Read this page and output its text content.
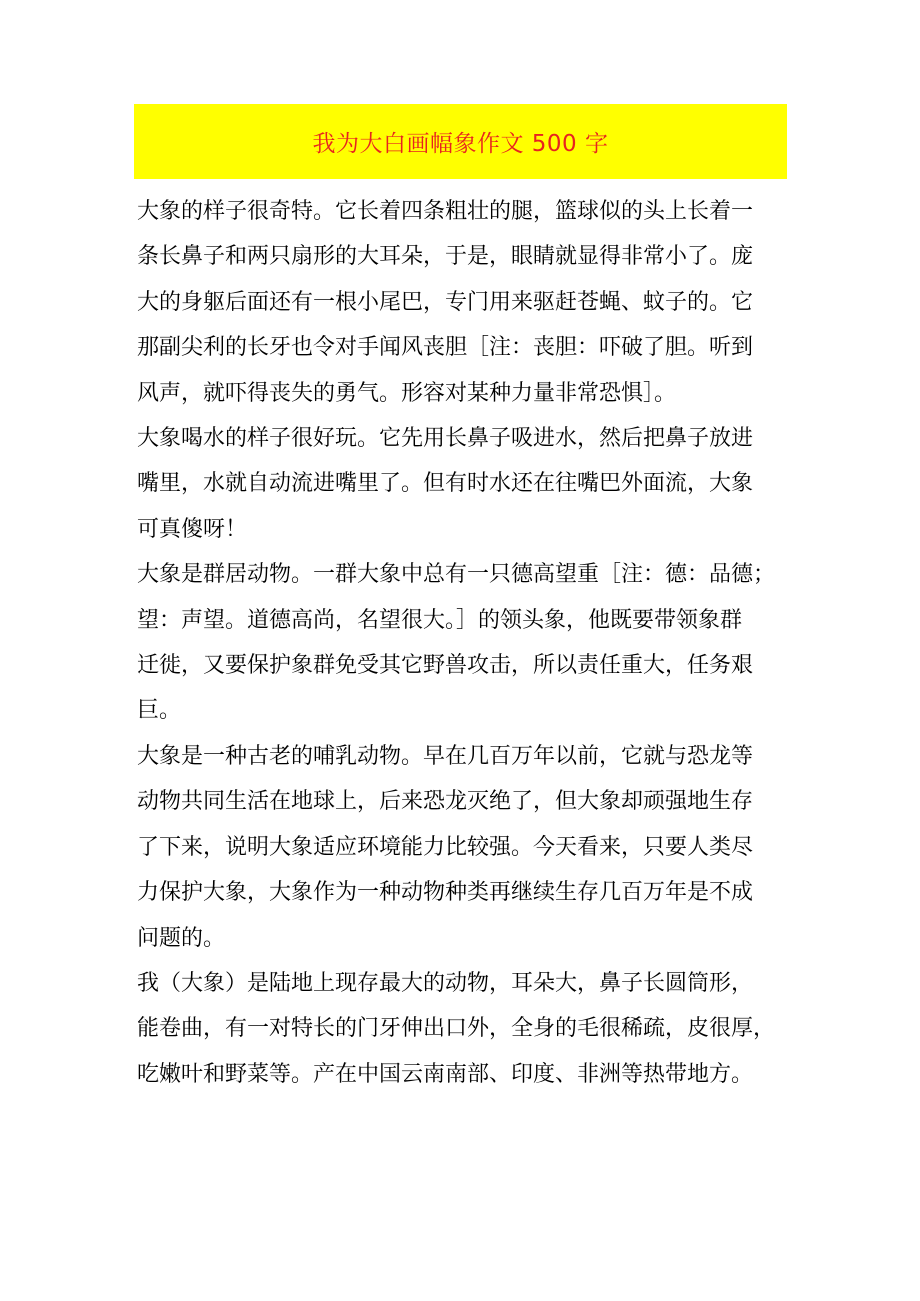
我为大白画幅象作文 500 字

大象的样子很奇特。它长着四条粗壮的腿，篮球似的头上长着一
条长鼻子和两只扇形的大耳朵，于是，眼睛就显得非常小了。庞
大的身躯后面还有一根小尾巴，专门用来驱赶苍蝇、蚊子的。它
那副尖利的长牙也令对手闻风丧胆［注：丧胆：吓破了胆。听到
风声，就吓得丧失的勇气。形容对某种力量非常恐惧］。

大象喝水的样子很好玩。它先用长鼻子吸进水，然后把鼻子放进
嘴里，水就自动流进嘴里了。但有时水还在往嘴巴外面流，大象
可真傻呀！

大象是群居动物。一群大象中总有一只德高望重［注：德：品德；
望：声望。道德高尚，名望很大。］的领头象，他既要带领象群
迁徙，又要保护象群免受其它野兽攻击，所以责任重大，任务艰
巨。

大象是一种古老的哺乳动物。早在几百万年以前，它就与恐龙等
动物共同生活在地球上，后来恐龙灭绝了，但大象却顽强地生存
了下来，说明大象适应环境能力比较强。今天看来，只要人类尽
力保护大象，大象作为一种动物种类再继续生存几百万年是不成
问题的。

我（大象）是陆地上现存最大的动物，耳朵大，鼻子长圆筒形，
能卷曲，有一对特长的门牙伸出口外，全身的毛很稀疏，皮很厚，
吃嫩叶和野菜等。产在中国云南南部、印度、非洲等热带地方。
